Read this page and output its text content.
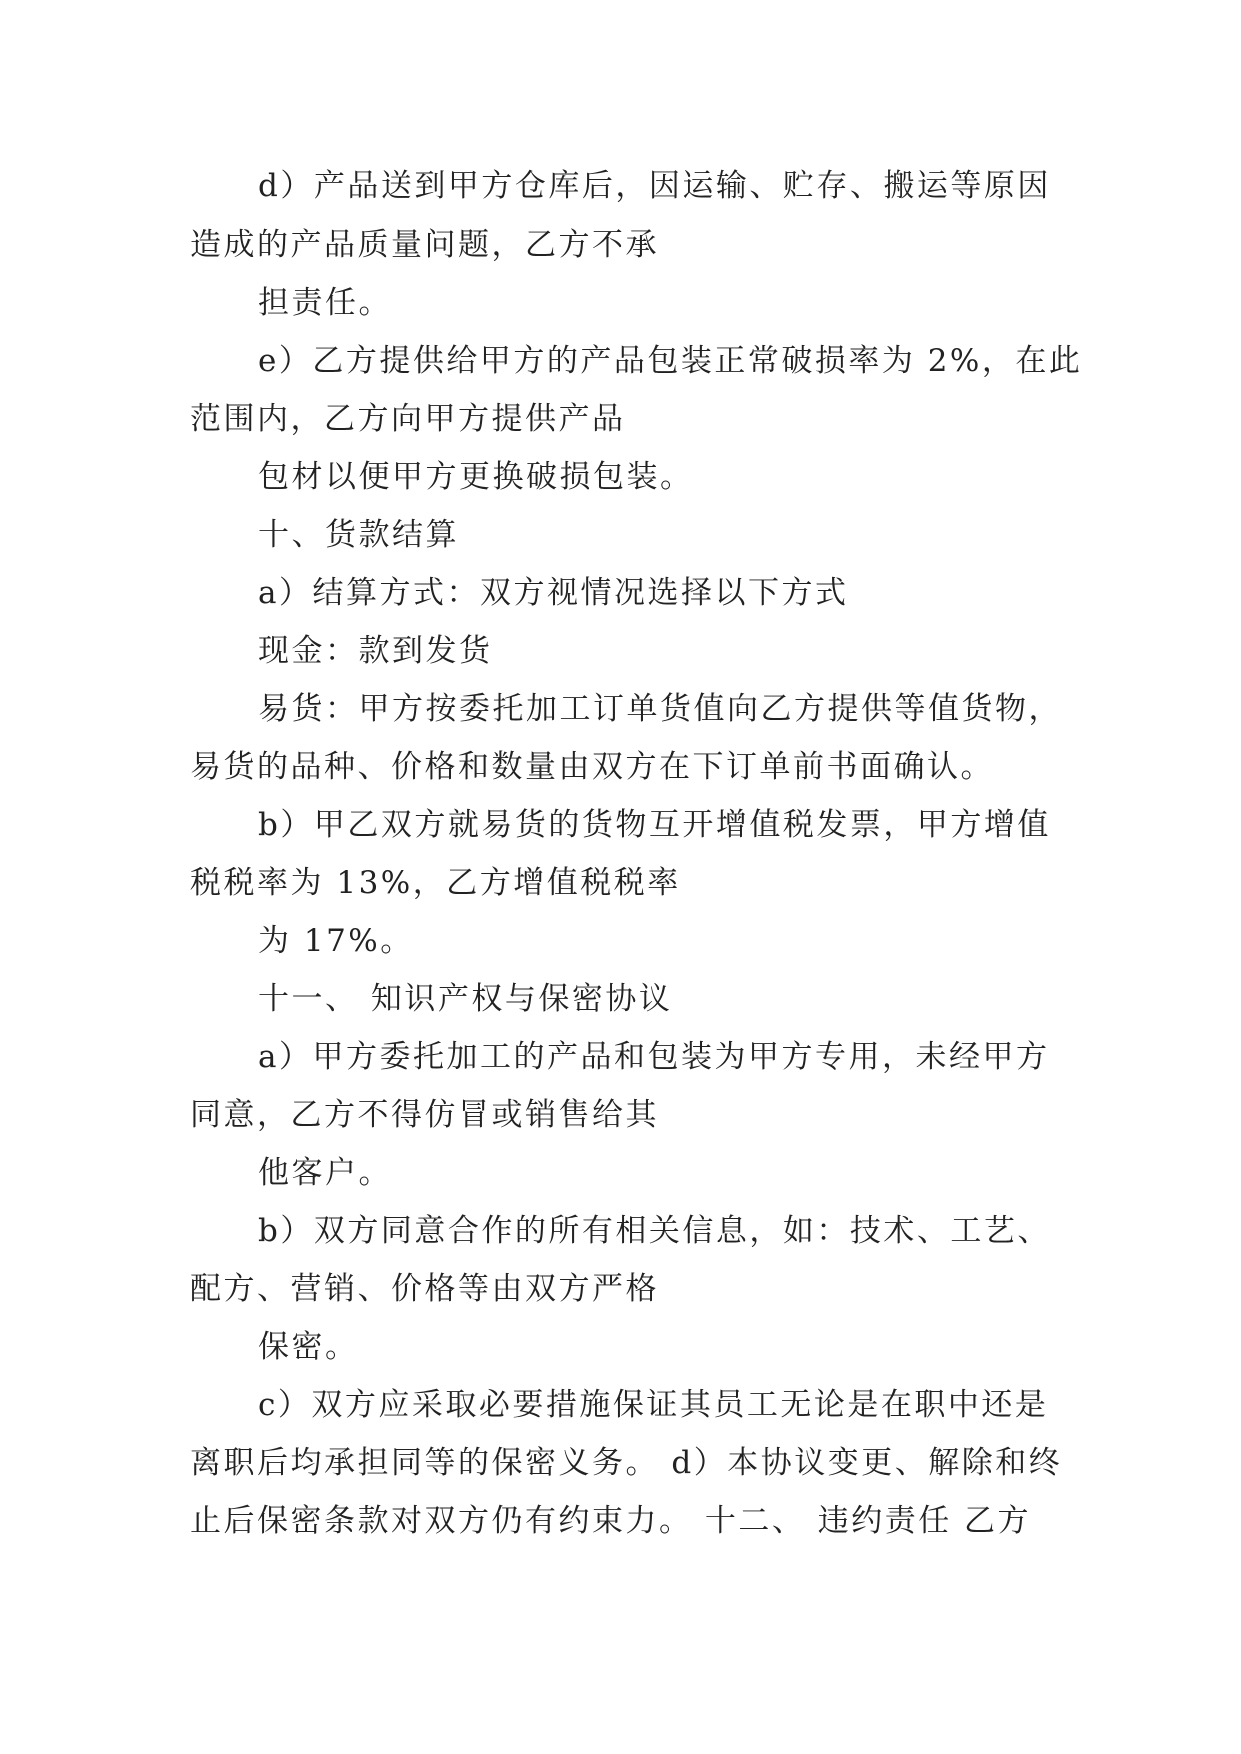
d）产品送到甲方仓库后，因运输、贮存、搬运等原因
造成的产品质量问题，乙方不承
担责任。
e）乙方提供给甲方的产品包装正常破损率为 2%，在此
范围内，乙方向甲方提供产品
包材以便甲方更换破损包装。
十、货款结算
a）结算方式：双方视情况选择以下方式
现金：款到发货
易货：甲方按委托加工订单货值向乙方提供等值货物，
易货的品种、价格和数量由双方在下订单前书面确认。
b）甲乙双方就易货的货物互开增值税发票，甲方增值
税税率为 13%，乙方增值税税率
为 17%。
十一、 知识产权与保密协议
a）甲方委托加工的产品和包装为甲方专用，未经甲方
同意，乙方不得仿冒或销售给其
他客户。
b）双方同意合作的所有相关信息，如：技术、工艺、
配方、营销、价格等由双方严格
保密。
c）双方应采取必要措施保证其员工无论是在职中还是
离职后均承担同等的保密义务。 d）本协议变更、解除和终
止后保密条款对双方仍有约束力。 十二、 违约责任 乙方
